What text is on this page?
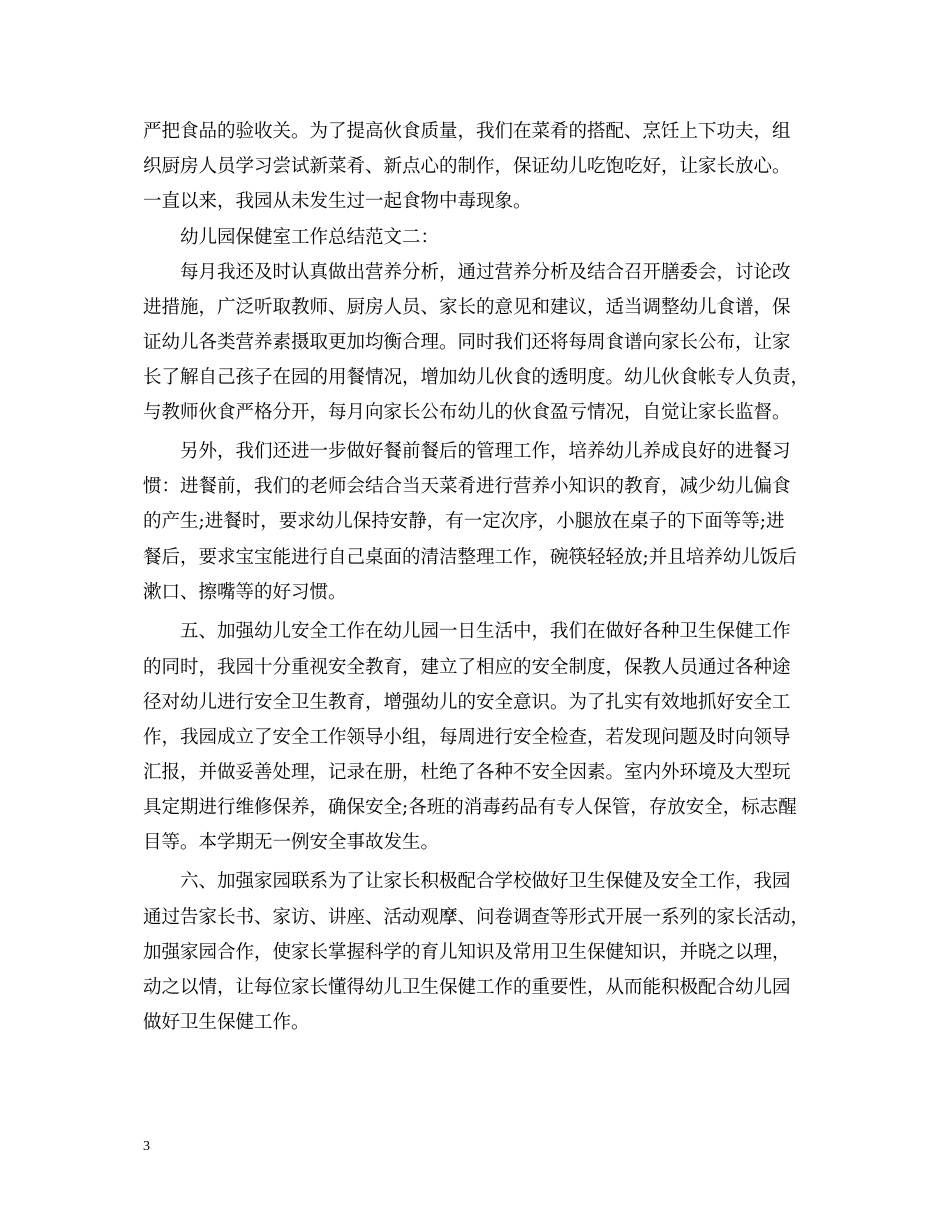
严把食品的验收关。为了提高伙食质量，我们在菜肴的搭配、烹饪上下功夫，组
织厨房人员学习尝试新菜肴、新点心的制作，保证幼儿吃饱吃好，让家长放心。
一直以来，我园从未发生过一起食物中毒现象。
幼儿园保健室工作总结范文二：
每月我还及时认真做出营养分析，通过营养分析及结合召开膳委会，讨论改
进措施，广泛听取教师、厨房人员、家长的意见和建议，适当调整幼儿食谱，保
证幼儿各类营养素摄取更加均衡合理。同时我们还将每周食谱向家长公布，让家
长了解自己孩子在园的用餐情况，增加幼儿伙食的透明度。幼儿伙食帐专人负责，
与教师伙食严格分开，每月向家长公布幼儿的伙食盈亏情况，自觉让家长监督。
另外，我们还进一步做好餐前餐后的管理工作，培养幼儿养成良好的进餐习
惯：进餐前，我们的老师会结合当天菜肴进行营养小知识的教育，减少幼儿偏食
的产生;进餐时，要求幼儿保持安静，有一定次序，小腿放在桌子的下面等等;进
餐后，要求宝宝能进行自己桌面的清洁整理工作，碗筷轻轻放;并且培养幼儿饭后
漱口、擦嘴等的好习惯。
五、加强幼儿安全工作在幼儿园一日生活中，我们在做好各种卫生保健工作
的同时，我园十分重视安全教育，建立了相应的安全制度，保教人员通过各种途
径对幼儿进行安全卫生教育，增强幼儿的安全意识。为了扎实有效地抓好安全工
作，我园成立了安全工作领导小组，每周进行安全检查，若发现问题及时向领导
汇报，并做妥善处理，记录在册，杜绝了各种不安全因素。室内外环境及大型玩
具定期进行维修保养，确保安全;各班的消毒药品有专人保管，存放安全，标志醒
目等。本学期无一例安全事故发生。
六、加强家园联系为了让家长积极配合学校做好卫生保健及安全工作，我园
通过告家长书、家访、讲座、活动观摩、问卷调查等形式开展一系列的家长活动，
加强家园合作，使家长掌握科学的育儿知识及常用卫生保健知识，并晓之以理，
动之以情，让每位家长懂得幼儿卫生保健工作的重要性，从而能积极配合幼儿园
做好卫生保健工作。
3
